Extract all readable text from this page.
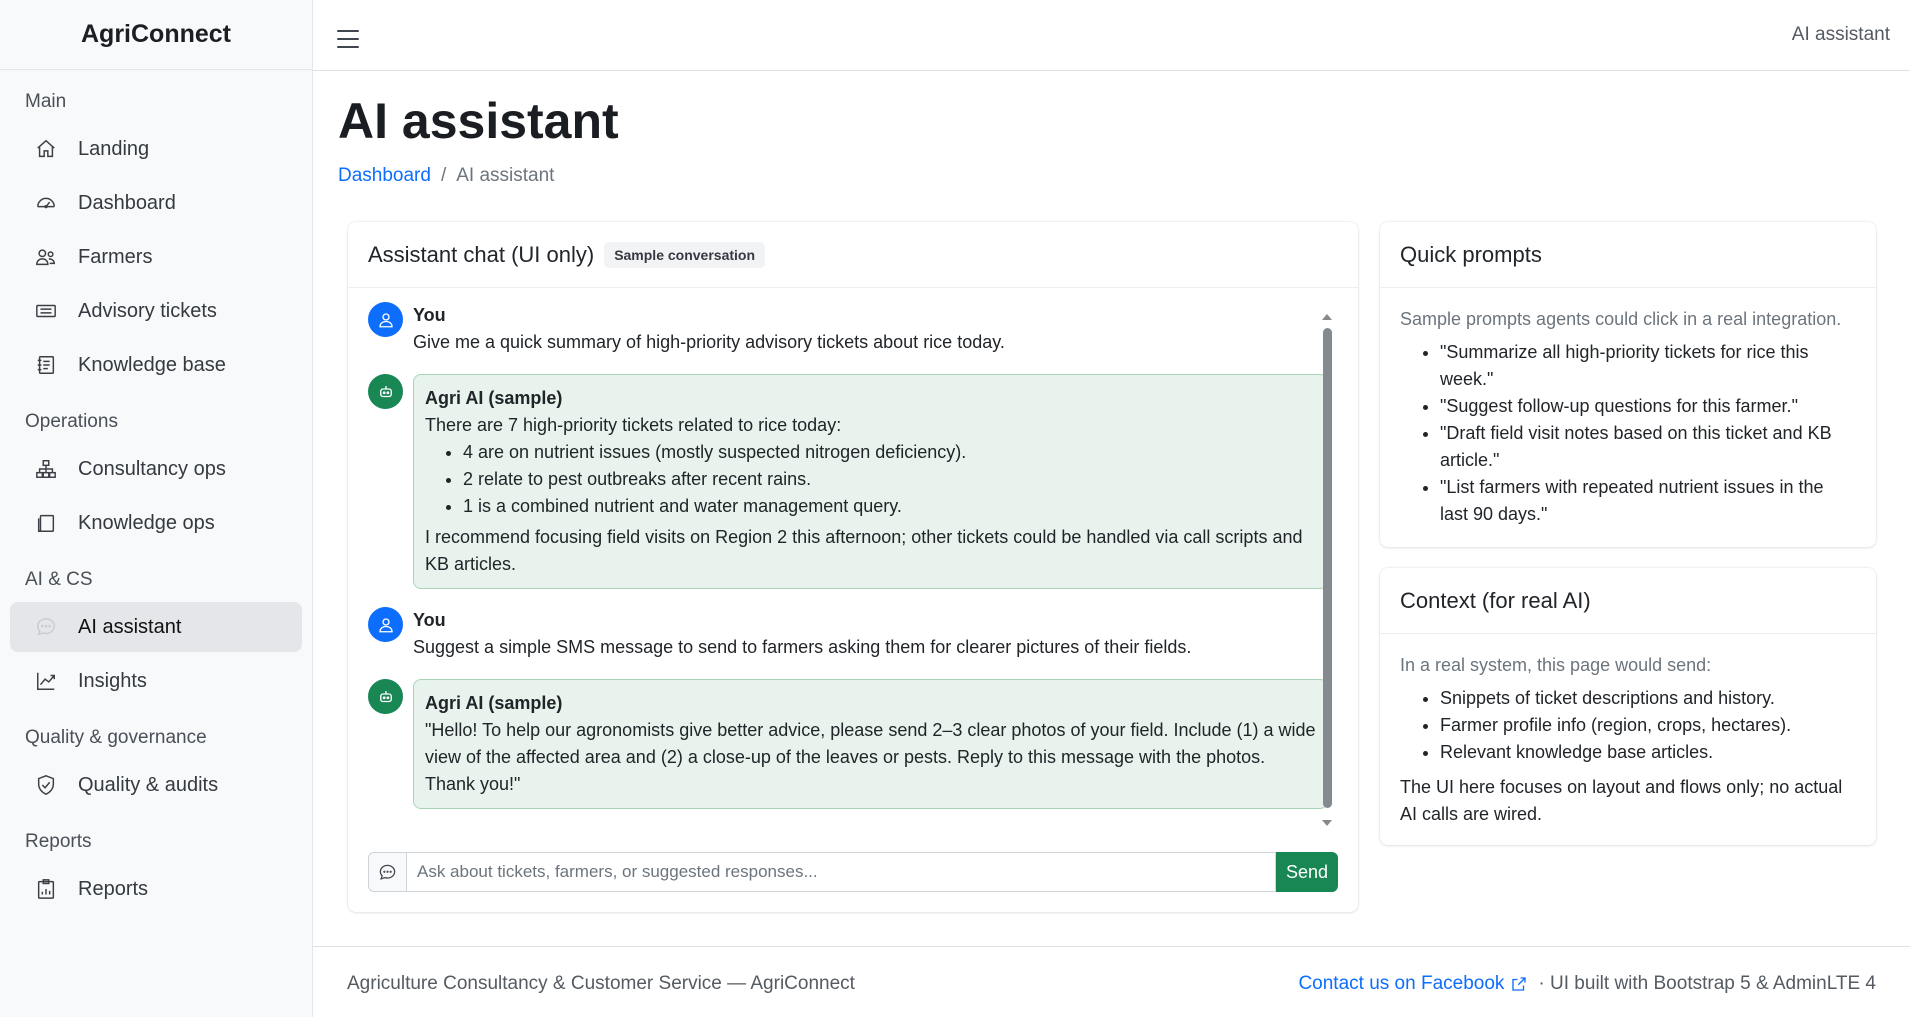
AgriConnect
Main
Landing
Dashboard
Farmers
Advisory tickets
Knowledge base
Operations
Consultancy ops
Knowledge ops
AI & CS
AI assistant
Insights
Quality & governance
Quality & audits
Reports
Reports
AI assistant
AI assistant
Dashboard / AI assistant
Assistant chat (UI only)	Sample conversation
You
Give me a quick summary of high-priority advisory tickets about rice today.
Agri AI (sample)
There are 7 high-priority tickets related to rice today:
• 4 are on nutrient issues (mostly suspected nitrogen deficiency).
• 2 relate to pest outbreaks after recent rains.
• 1 is a combined nutrient and water management query.
I recommend focusing field visits on Region 2 this afternoon; other tickets could be handled via call scripts and KB articles.
You
Suggest a simple SMS message to send to farmers asking them for clearer pictures of their fields.
Agri AI (sample)
"Hello! To help our agronomists give better advice, please send 2–3 clear photos of your field. Include (1) a wide view of the affected area and (2) a close-up of the leaves or pests. Reply to this message with the photos. Thank you!"
Ask about tickets, farmers, or suggested responses...
Send
Quick prompts
Sample prompts agents could click in a real integration.
• "Summarize all high-priority tickets for rice this week."
• "Suggest follow-up questions for this farmer."
• "Draft field visit notes based on this ticket and KB article."
• "List farmers with repeated nutrient issues in the last 90 days."
Context (for real AI)
In a real system, this page would send:
• Snippets of ticket descriptions and history.
• Farmer profile info (region, crops, hectares).
• Relevant knowledge base articles.

The UI here focuses on layout and flows only; no actual AI calls are wired.

Agriculture Consultancy & Customer Service — AgriConnect	Contact us on Facebook · UI built with Bootstrap 5 & AdminLTE 4
